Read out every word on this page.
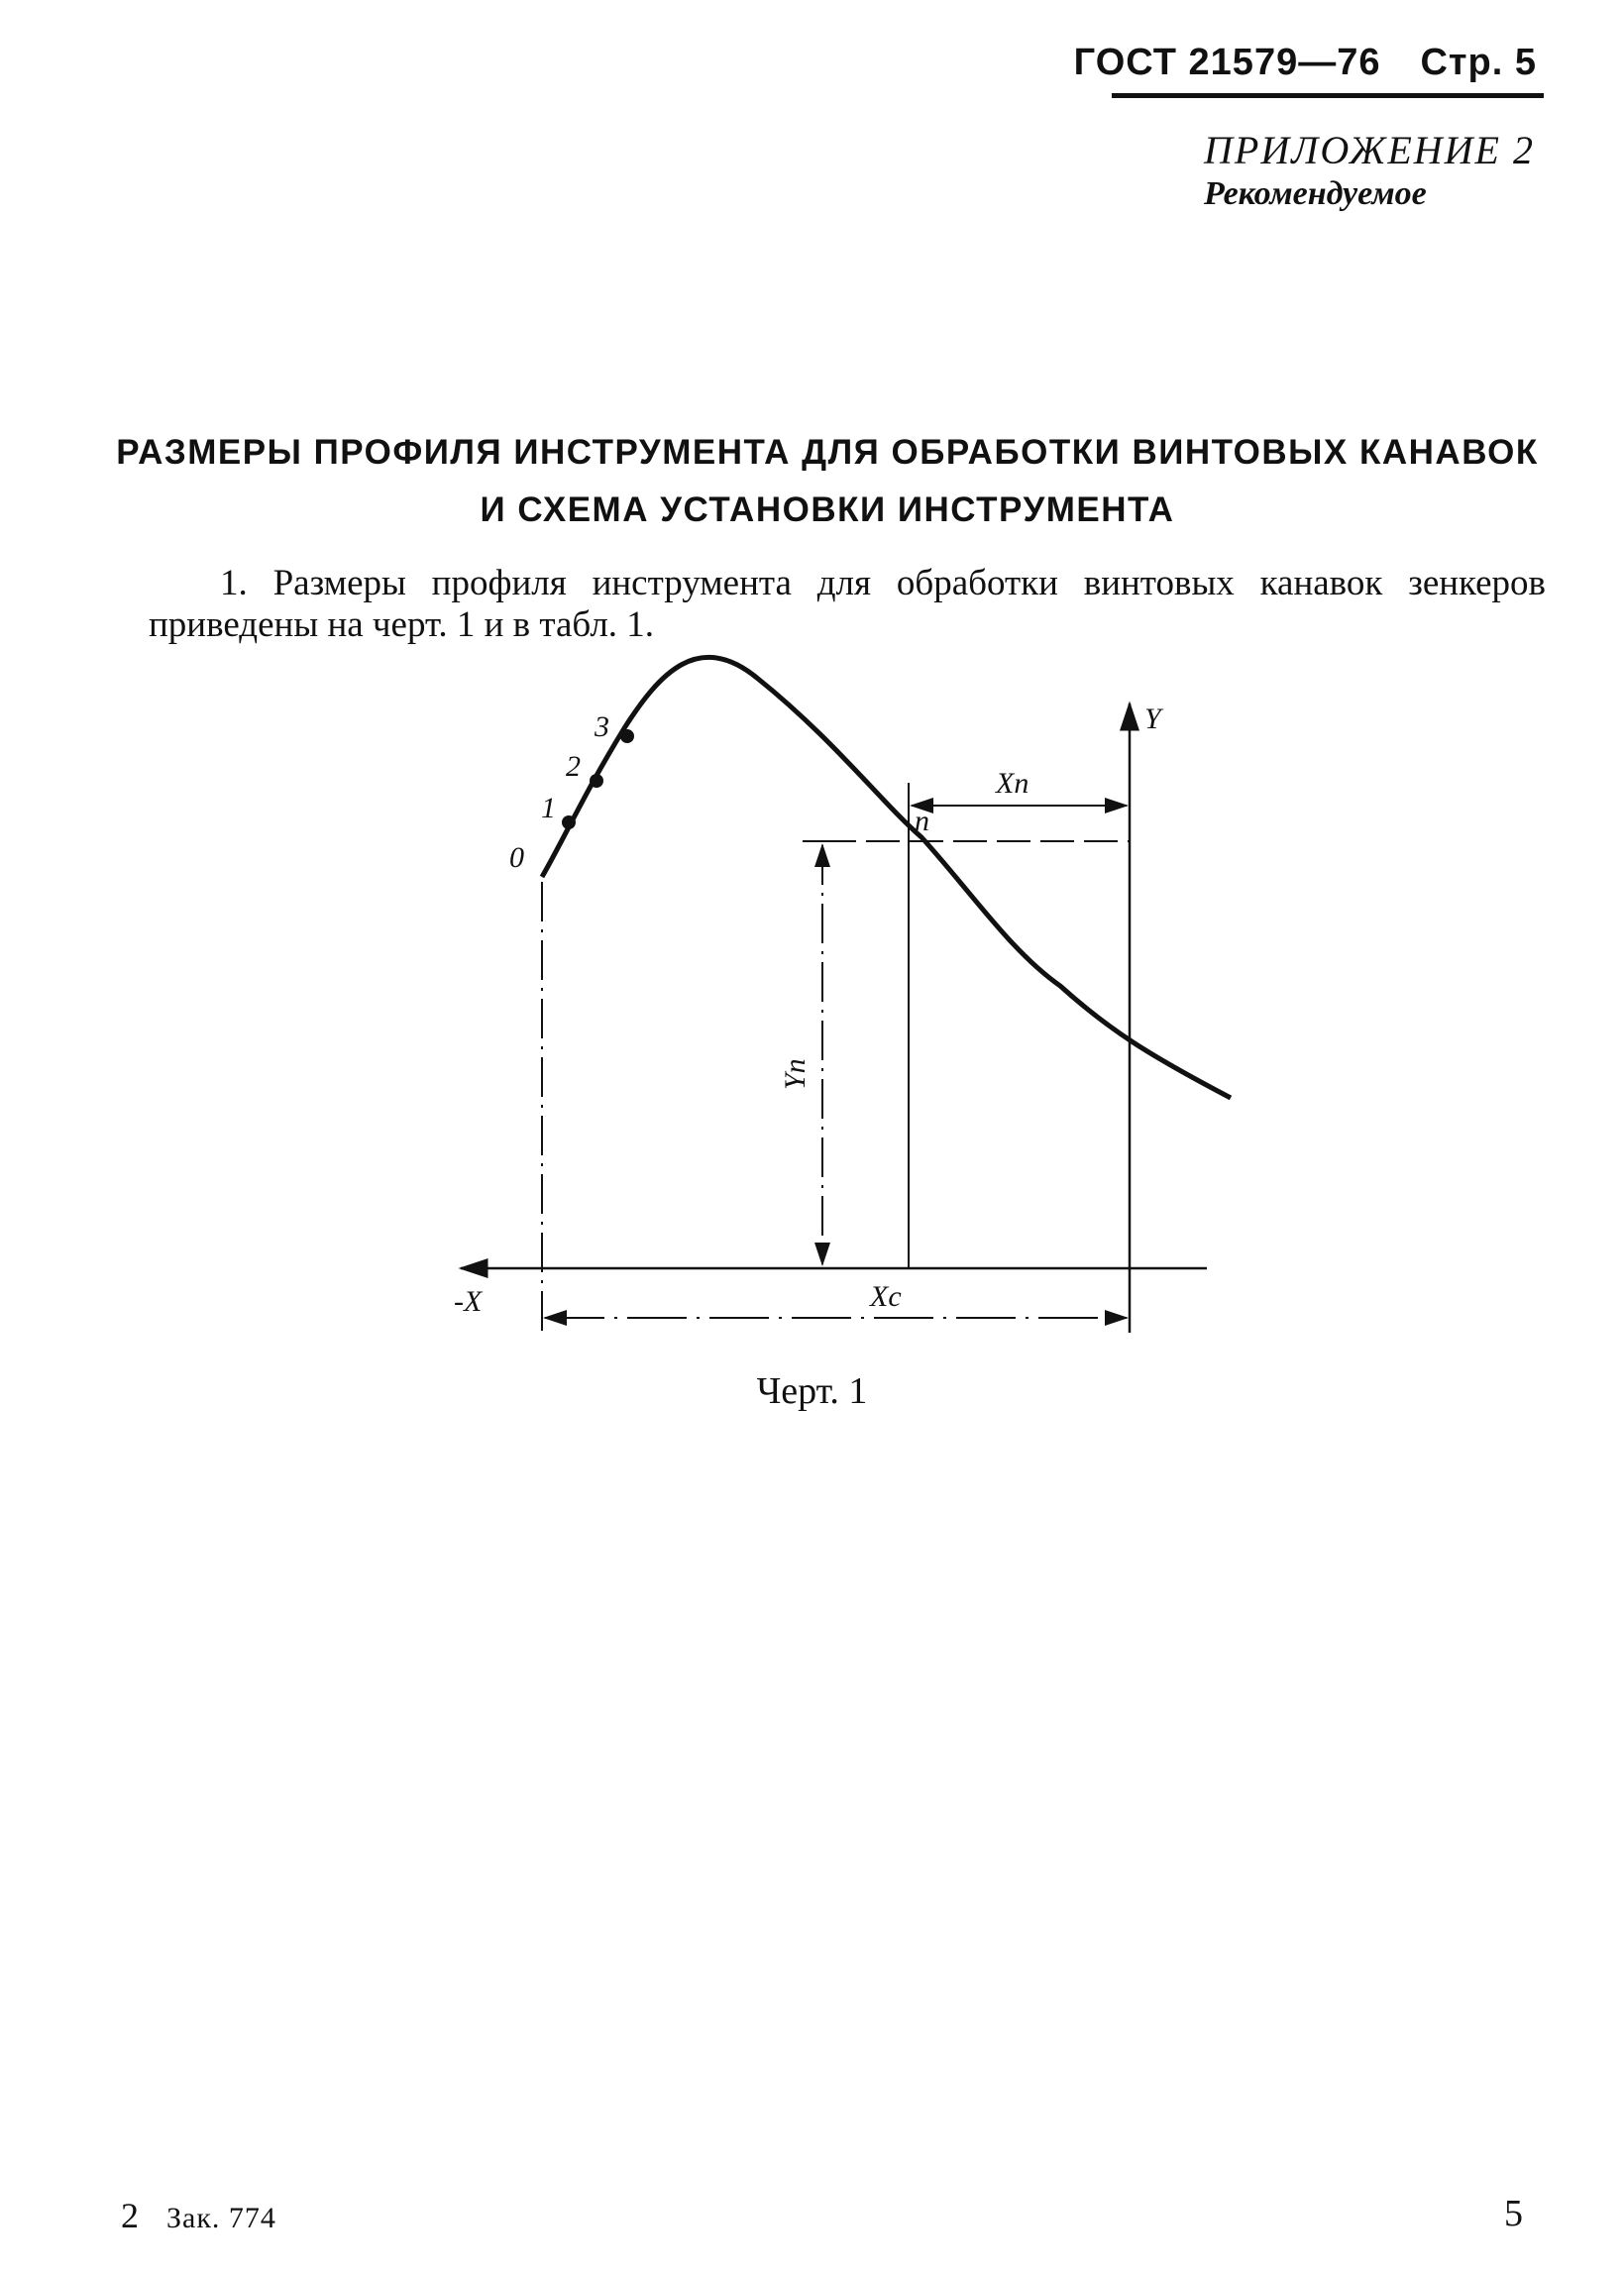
ГОСТ 21579—76 Стр. 5
ПРИЛОЖЕНИЕ 2
Рекомендуемое
РАЗМЕРЫ ПРОФИЛЯ ИНСТРУМЕНТА ДЛЯ ОБРАБОТКИ ВИНТОВЫХ КАНАВОК
И СХЕМА УСТАНОВКИ ИНСТРУМЕНТА

1. Размеры профиля инструмента для обработки винтовых канавок зенкеров приведены на черт. 1 и в табл. 1.

0
1
2
3	Y
-X
n
Xn
Xc
Yn
Черт. 1
2 Зак. 774	5
